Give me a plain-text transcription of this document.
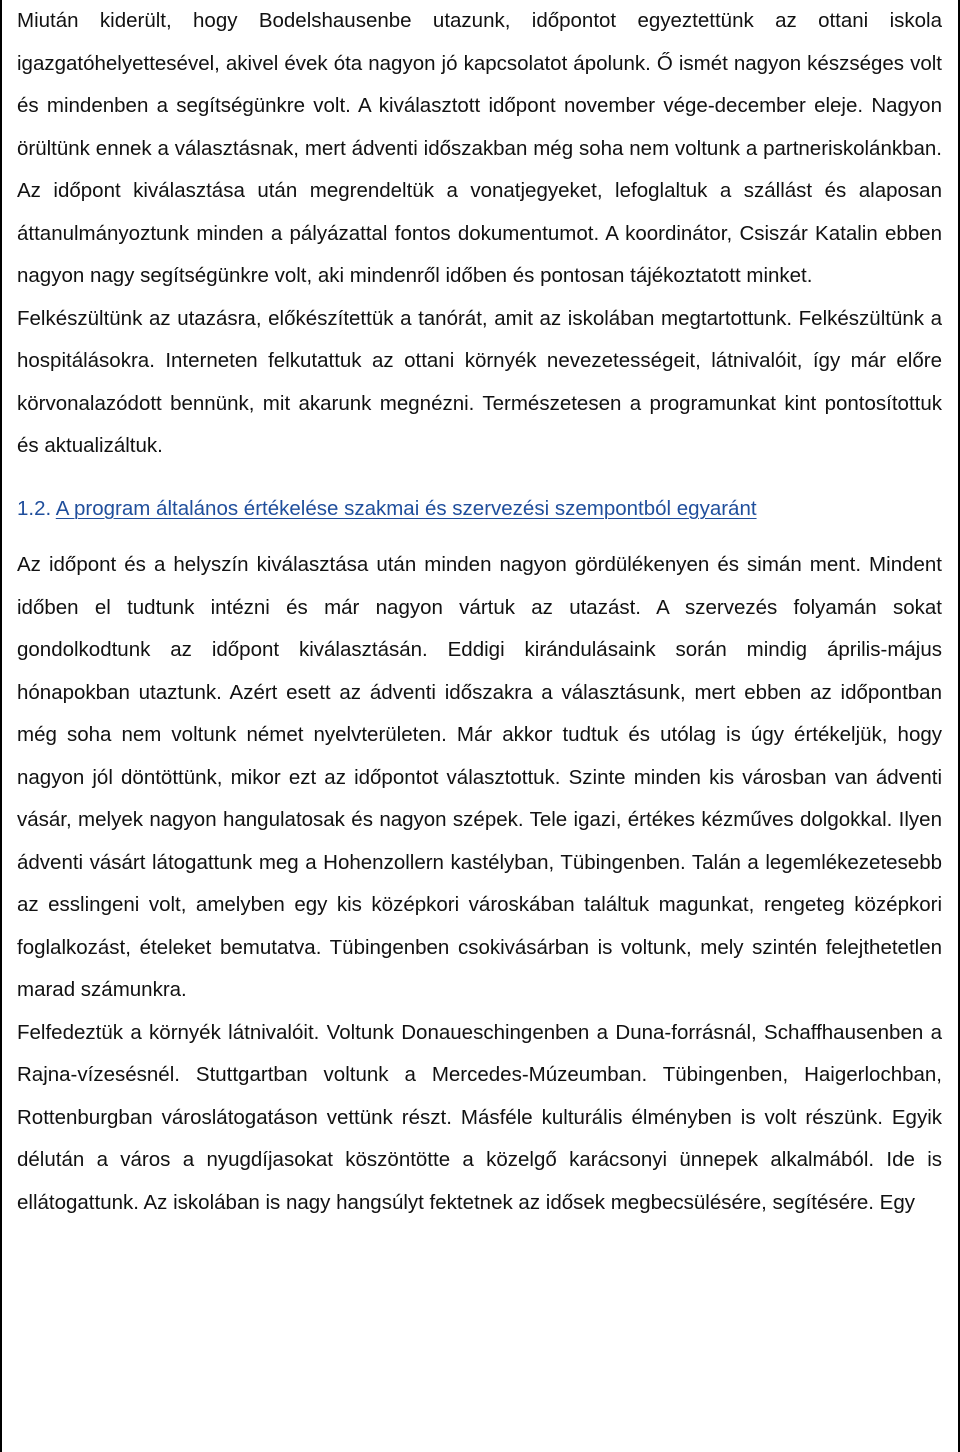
Miután kiderült, hogy Bodelshausenbe utazunk, időpontot egyeztettünk az ottani iskola igazgatóhelyettesével, akivel évek óta nagyon jó kapcsolatot ápolunk. Ő ismét nagyon készséges volt és mindenben a segítségünkre volt. A kiválasztott időpont november vége-december eleje. Nagyon örültünk ennek a választásnak, mert ádventi időszakban még soha nem voltunk a partneriskolánkban. Az időpont kiválasztása után megrendeltük a vonatjegyeket, lefoglaltuk a szállást és alaposan áttanulmányoztunk minden a pályázattal fontos dokumentumot. A koordinátor, Csiszár Katalin ebben nagyon nagy segítségünkre volt, aki mindenről időben és pontosan tájékoztatott minket.

Felkészültünk az utazásra, előkészítettük a tanórát, amit az iskolában megtartottunk. Felkészültünk a hospitálásokra. Interneten felkutattuk az ottani környék nevezetességeit, látnivalóit, így már előre körvonalazódott bennünk, mit akarunk megnézni. Természetesen a programunkat kint pontosítottuk és aktualizáltuk.

1.2. A program általános értékelése szakmai és szervezési szempontból egyaránt

Az időpont és a helyszín kiválasztása után minden nagyon gördülékenyen és simán ment. Mindent időben el tudtunk intézni és már nagyon vártuk az utazást. A szervezés folyamán sokat gondolkodtunk az időpont kiválasztásán. Eddigi kirándulásaink során mindig április-május hónapokban utaztunk. Azért esett az ádventi időszakra a választásunk, mert ebben az időpontban még soha nem voltunk német nyelvterületen. Már akkor tudtuk és utólag is úgy értékeljük, hogy nagyon jól döntöttünk, mikor ezt az időpontot választottuk. Szinte minden kis városban van ádventi vásár, melyek nagyon hangulatosak és nagyon szépek. Tele igazi, értékes kézműves dolgokkal. Ilyen ádventi vásárt látogattunk meg a Hohenzollern kastélyban, Tübingenben. Talán a legemlékezetesebb az esslingeni volt, amelyben egy kis középkori városkában találtuk magunkat, rengeteg középkori foglalkozást, ételeket bemutatva. Tübingenben csokivásárban is voltunk, mely szintén felejthetetlen marad számunkra.

Felfedeztük a környék látnivalóit. Voltunk Donaueschingenben a Duna-forrásnál, Schaffhausenben a Rajna-vízesésnél. Stuttgartban voltunk a Mercedes-Múzeumban. Tübingenben, Haigerlochban, Rottenburgban városlátogatáson vettünk részt. Másféle kulturális élményben is volt részünk. Egyik délután a város a nyugdíjasokat köszöntötte a közelgő karácsonyi ünnepek alkalmából. Ide is ellátogattunk. Az iskolában is nagy hangsúlyt fektetnek az idősek megbecsülésére, segítésére. Egy
